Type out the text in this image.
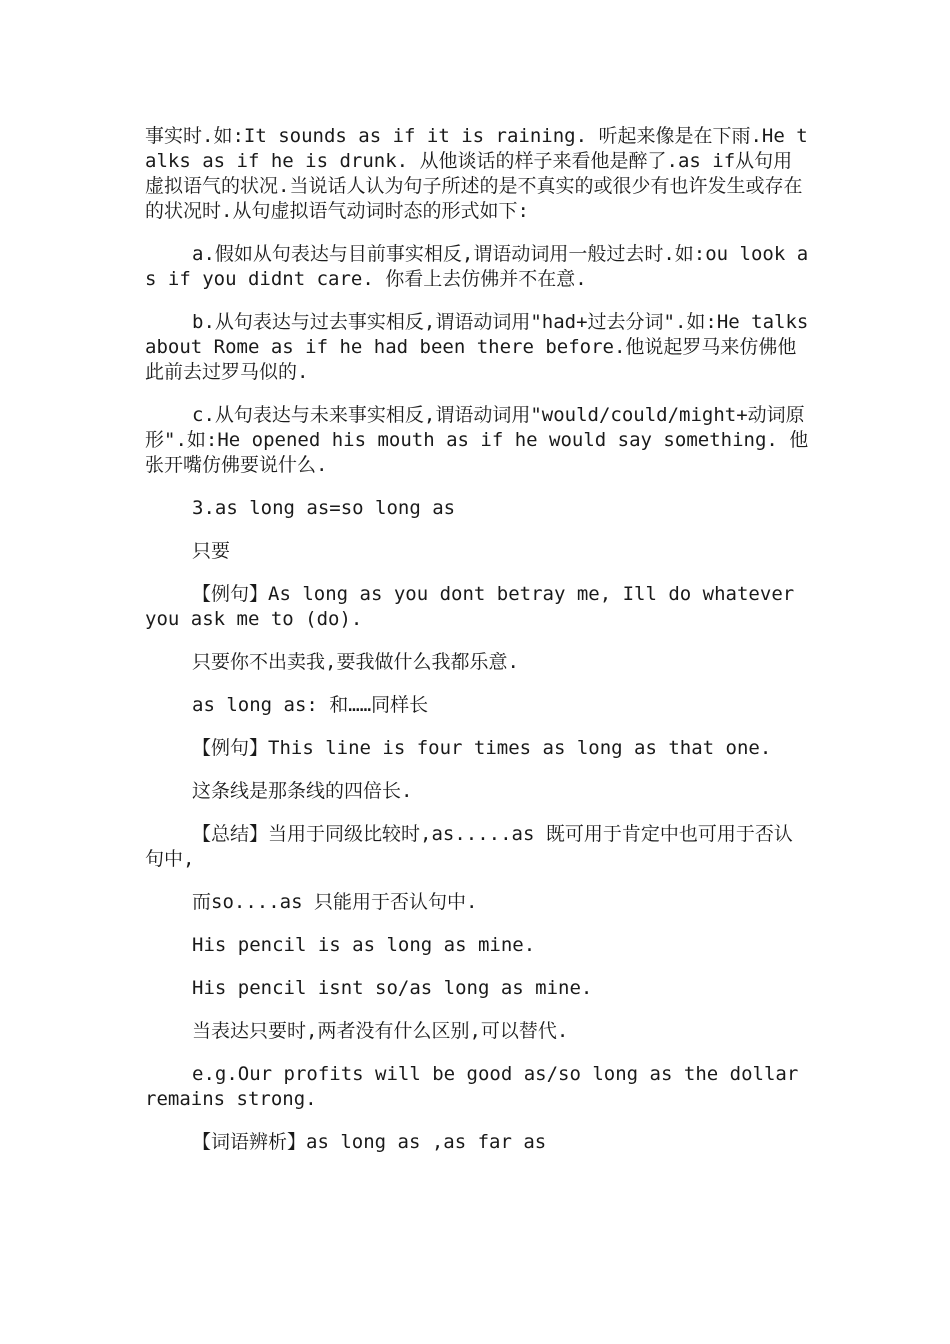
事实时.如:It sounds as if it is raining. 听起来像是在下雨.He talks as if he is drunk. 从他谈话的样子来看他是醉了.as if从句用虚拟语气的状况.当说话人认为句子所述的是不真实的或很少有也许发生或存在的状况时.从句虚拟语气动词时态的形式如下:

a.假如从句表达与目前事实相反,谓语动词用一般过去时.如:ou look as if you didnt care. 你看上去仿佛并不在意.

b.从句表达与过去事实相反,谓语动词用"had+过去分词".如:He talks about Rome as if he had been there before.他说起罗马来仿佛他此前去过罗马似的.

c.从句表达与未来事实相反,谓语动词用"would/could/might+动词原形".如:He opened his mouth as if he would say something. 他张开嘴仿佛要说什么.

3.as long as=so long as

只要

【例句】As long as you dont betray me, Ill do whatever you ask me to (do).

只要你不出卖我,要我做什么我都乐意.

as long as: 和……同样长

【例句】This line is four times as long as that one.

这条线是那条线的四倍长.

【总结】当用于同级比较时,as.....as 既可用于肯定中也可用于否认句中,

而so....as 只能用于否认句中.

His pencil is as long as mine.

His pencil isnt so/as long as mine.

当表达只要时,两者没有什么区别,可以替代.

e.g.Our profits will be good as/so long as the dollar remains strong.

【词语辨析】as long as ,as far as
